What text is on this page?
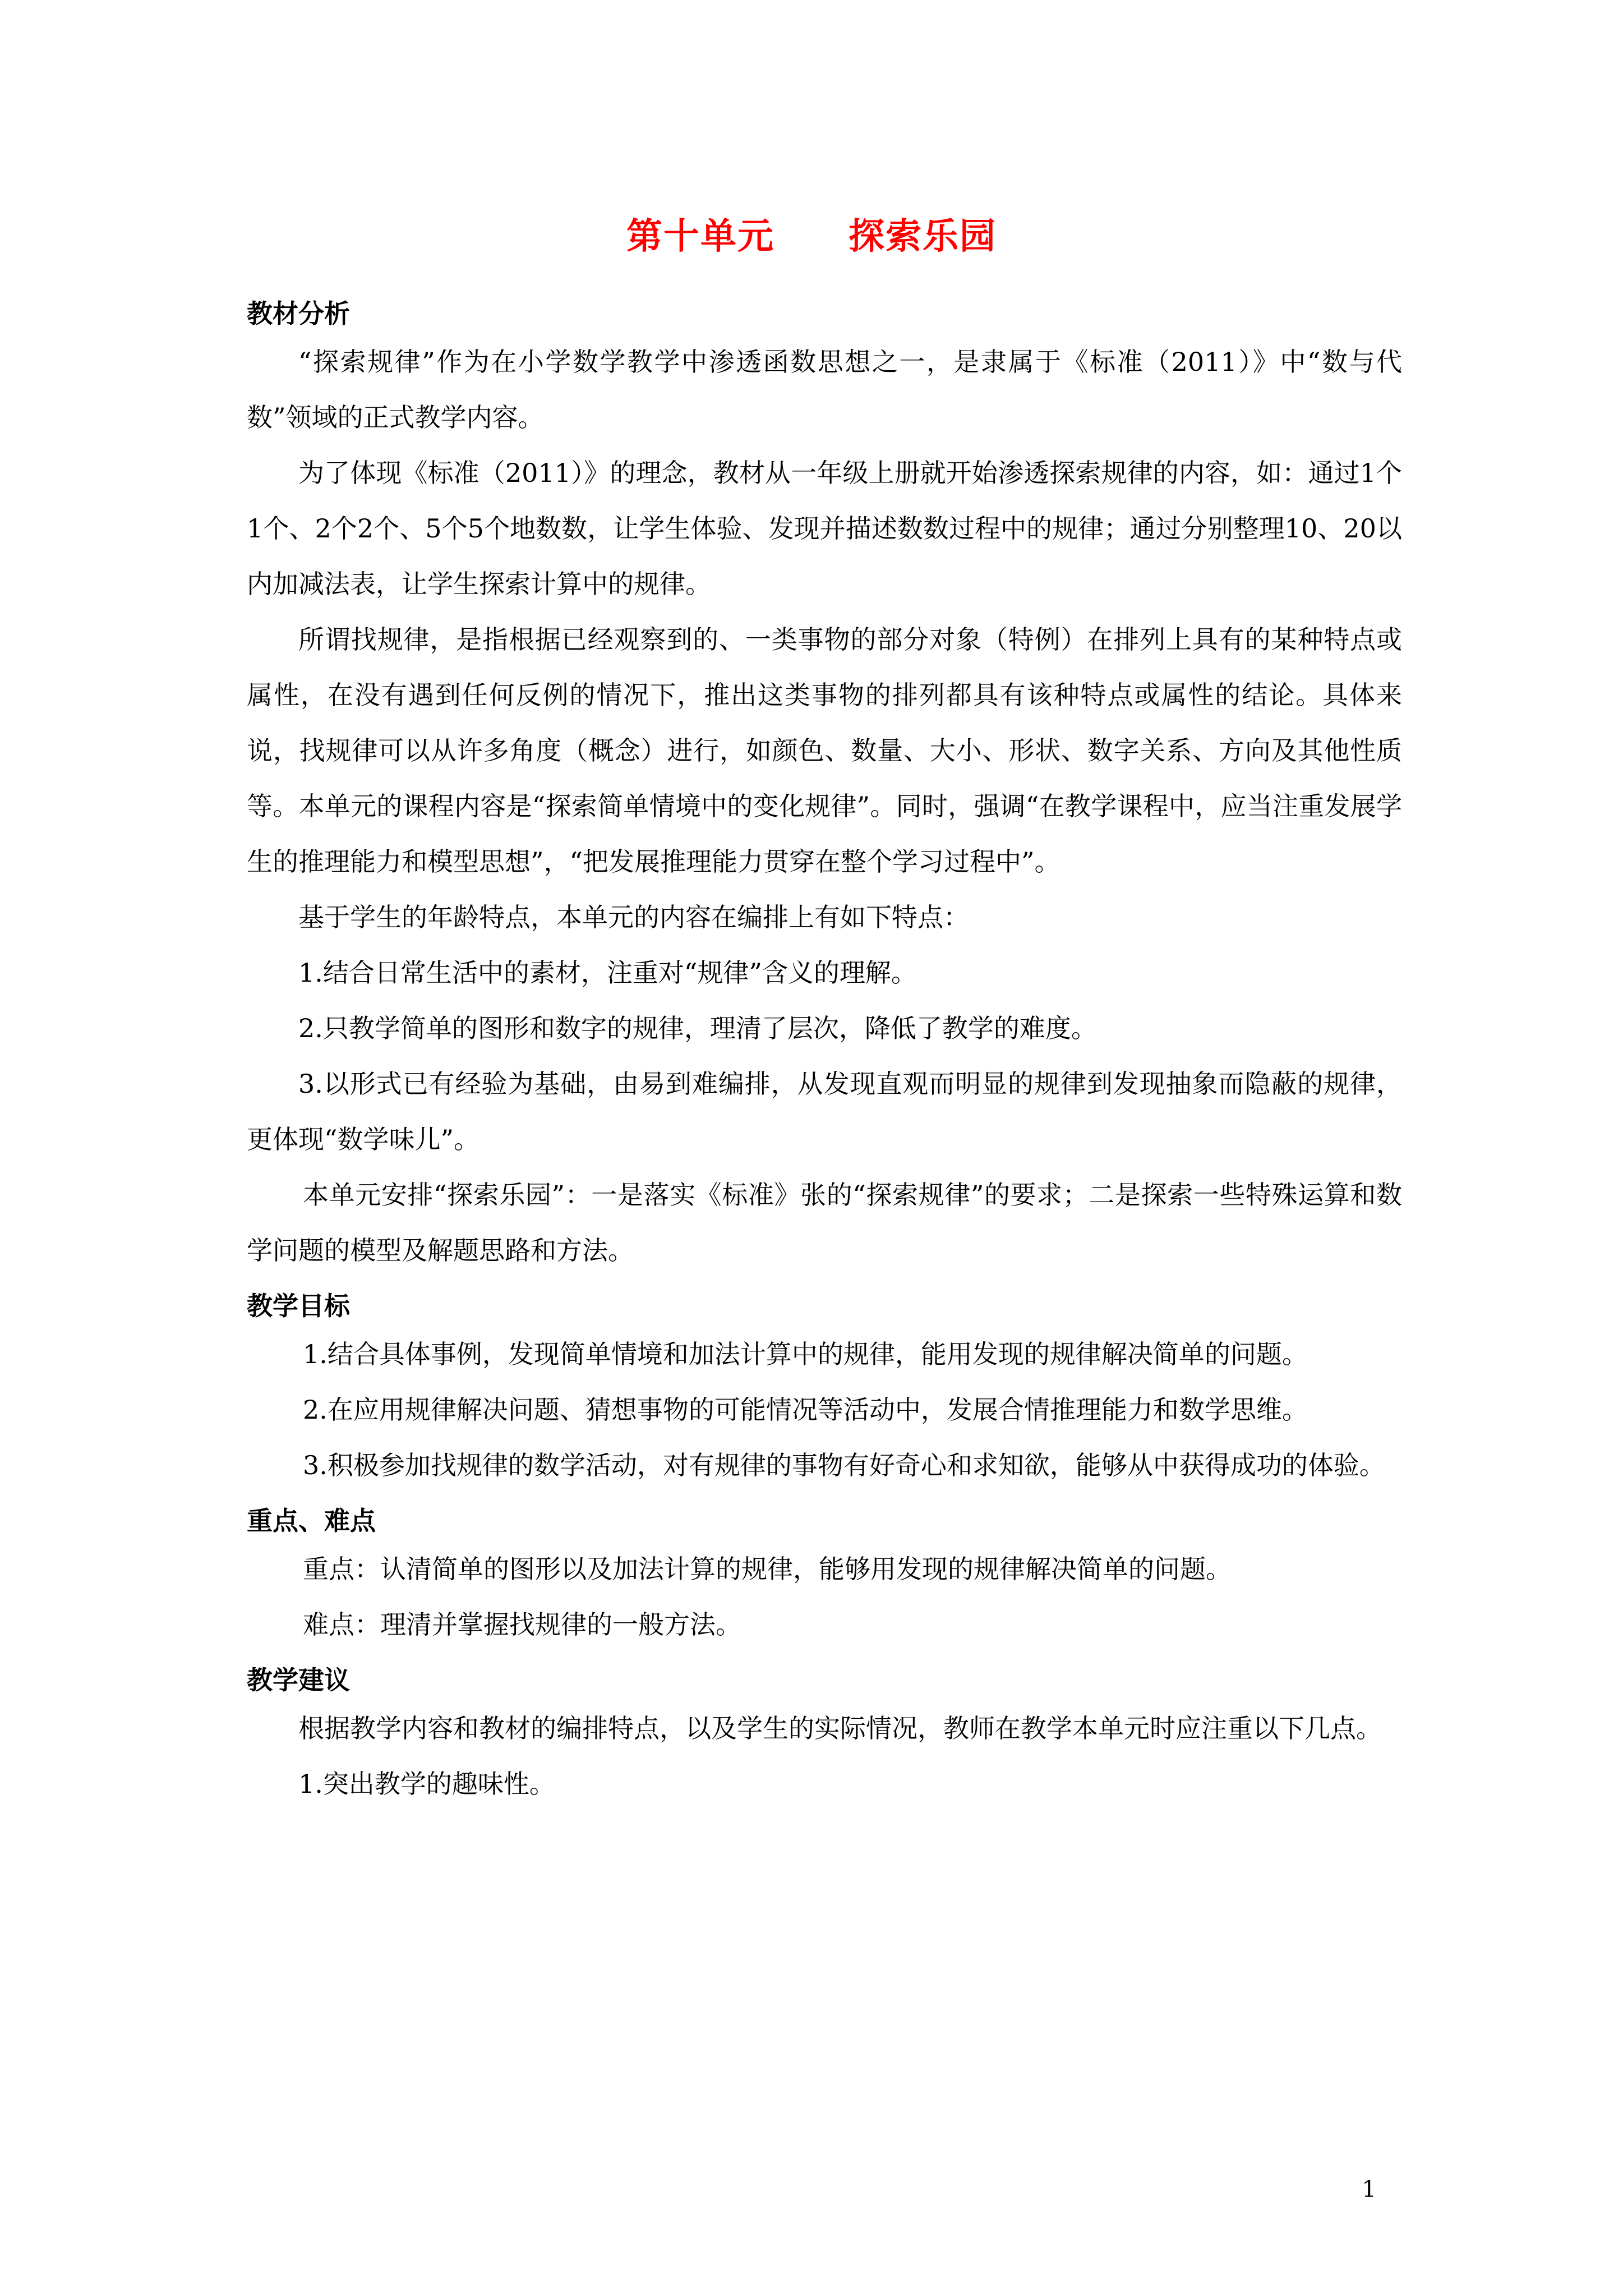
第十单元　　探索乐园
教材分析

“探索规律”作为在小学数学教学中渗透函数思想之一，是隶属于《标准（2011）》中“数与代数”领域的正式教学内容。

为了体现《标准（2011）》的理念，教材从一年级上册就开始渗透探索规律的内容，如：通过1个1个、2个2个、5个5个地数数，让学生体验、发现并描述数数过程中的规律；通过分别整理10、20以内加减法表，让学生探索计算中的规律。

所谓找规律，是指根据已经观察到的、一类事物的部分对象（特例）在排列上具有的某种特点或属性，在没有遇到任何反例的情况下，推出这类事物的排列都具有该种特点或属性的结论。具体来说，找规律可以从许多角度（概念）进行，如颜色、数量、大小、形状、数字关系、方向及其他性质等。本单元的课程内容是“探索简单情境中的变化规律”。同时，强调“在教学课程中，应当注重发展学生的推理能力和模型思想”，“把发展推理能力贯穿在整个学习过程中”。

基于学生的年龄特点，本单元的内容在编排上有如下特点：

1.结合日常生活中的素材，注重对“规律”含义的理解。

2.只教学简单的图形和数字的规律，理清了层次，降低了教学的难度。

3.以形式已有经验为基础，由易到难编排，从发现直观而明显的规律到发现抽象而隐蔽的规律，更体现“数学味儿”。

本单元安排“探索乐园”：一是落实《标准》张的“探索规律”的要求；二是探索一些特殊运算和数学问题的模型及解题思路和方法。

教学目标

1.结合具体事例，发现简单情境和加法计算中的规律，能用发现的规律解决简单的问题。

2.在应用规律解决问题、猜想事物的可能情况等活动中，发展合情推理能力和数学思维。

3.积极参加找规律的数学活动，对有规律的事物有好奇心和求知欲，能够从中获得成功的体验。

重点、难点

重点：认清简单的图形以及加法计算的规律，能够用发现的规律解决简单的问题。

难点：理清并掌握找规律的一般方法。

教学建议

根据教学内容和教材的编排特点，以及学生的实际情况，教师在教学本单元时应注重以下几点。

1.突出教学的趣味性。

1
